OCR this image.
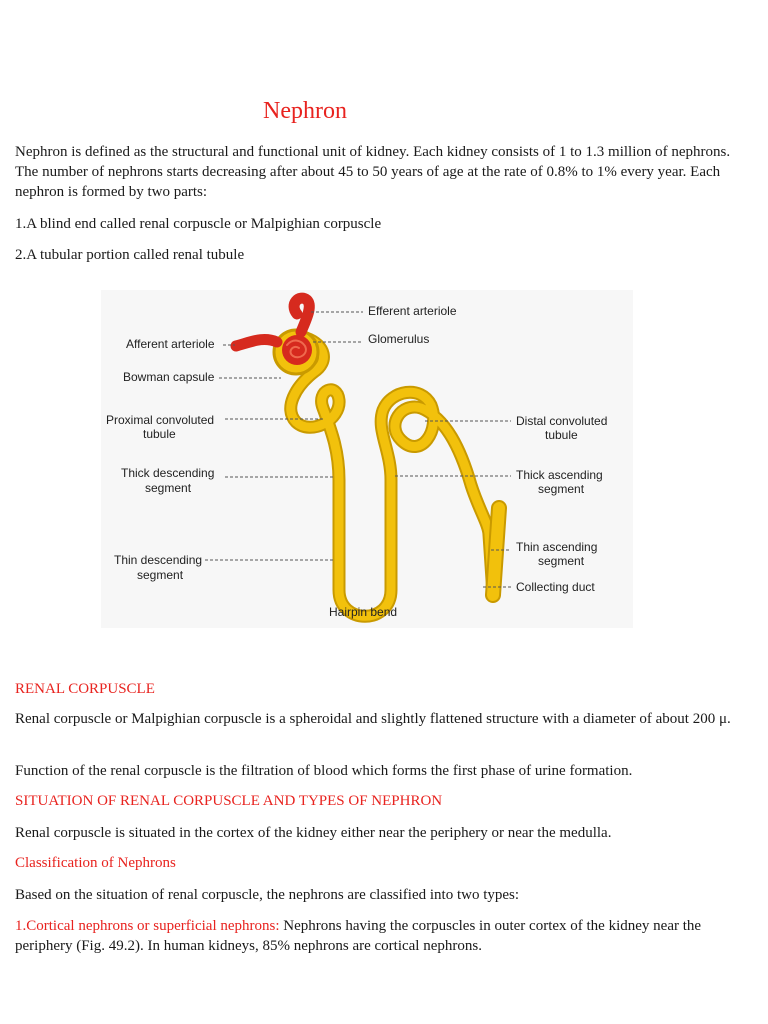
Nephron

Nephron is defined as the structural and functional unit of kidney. Each kidney consists of 1 to 1.3 million of nephrons. The number of nephrons starts decreasing after about 45 to 50 years of age at the rate of 0.8% to 1% every year. Each nephron is formed by two parts:

1.A blind end called renal corpuscle or Malpighian corpuscle

2.A tubular portion called renal tubule

Efferent arteriole
Glomerulus
Afferent arteriole
Bowman capsule
Proximal convoluted
tubule
Thick descending
segment
Thin descending
segment
Distal convoluted
tubule
Thick ascending
segment
Thin ascending
segment
Collecting duct
Hairpin bend

RENAL CORPUSCLE

Renal corpuscle or Malpighian corpuscle is a spheroidal and slightly flattened structure with a diameter of about 200 μ.

Function of the renal corpuscle is the filtration of blood which forms the first phase of urine formation.

SITUATION OF RENAL CORPUSCLE AND TYPES OF NEPHRON

Renal corpuscle is situated in the cortex of the kidney either near the periphery or near the medulla.

Classification of Nephrons

Based on the situation of renal corpuscle, the nephrons are classified into two types:

1.Cortical nephrons or superficial nephrons: Nephrons having the corpuscles in outer cortex of the kidney near the periphery (Fig. 49.2). In human kidneys, 85% nephrons are cortical nephrons.
